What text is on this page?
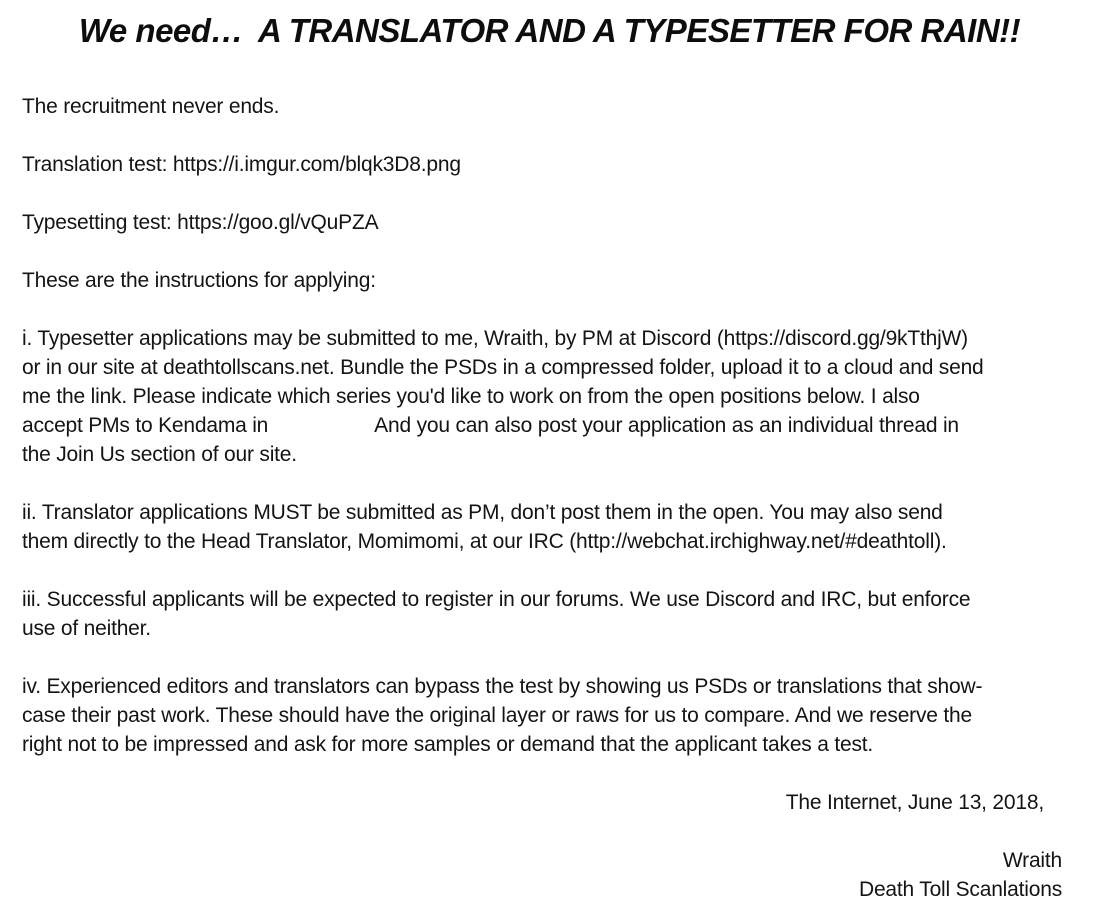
We need… A TRANSLATOR AND A TYPESETTER FOR RAIN!!

The recruitment never ends.

Translation test: https://i.imgur.com/blqk3D8.png

Typesetting test: https://goo.gl/vQuPZA

These are the instructions for applying:

i. Typesetter applications may be submitted to me, Wraith, by PM at Discord (https://discord.gg/9kTthjW)
or in our site at deathtollscans.net. Bundle the PSDs in a compressed folder, upload it to a cloud and send
me the link. Please indicate which series you'd like to work on from the open positions below. I also
accept PMs to Kendama in	And you can also post your application as an individual thread in
the Join Us section of our site.
ii. Translator applications MUST be submitted as PM, don’t post them in the open. You may also send
them directly to the Head Translator, Momimomi, at our IRC (http://webchat.irchighway.net/#deathtoll).
iii. Successful applicants will be expected to register in our forums. We use Discord and IRC, but enforce
use of neither.
iv. Experienced editors and translators can bypass the test by showing us PSDs or translations that show-
case their past work. These should have the original layer or raws for us to compare. And we reserve the
right not to be impressed and ask for more samples or demand that the applicant takes a test.

The Internet, June 13, 2018,

Wraith
Death Toll Scanlations
